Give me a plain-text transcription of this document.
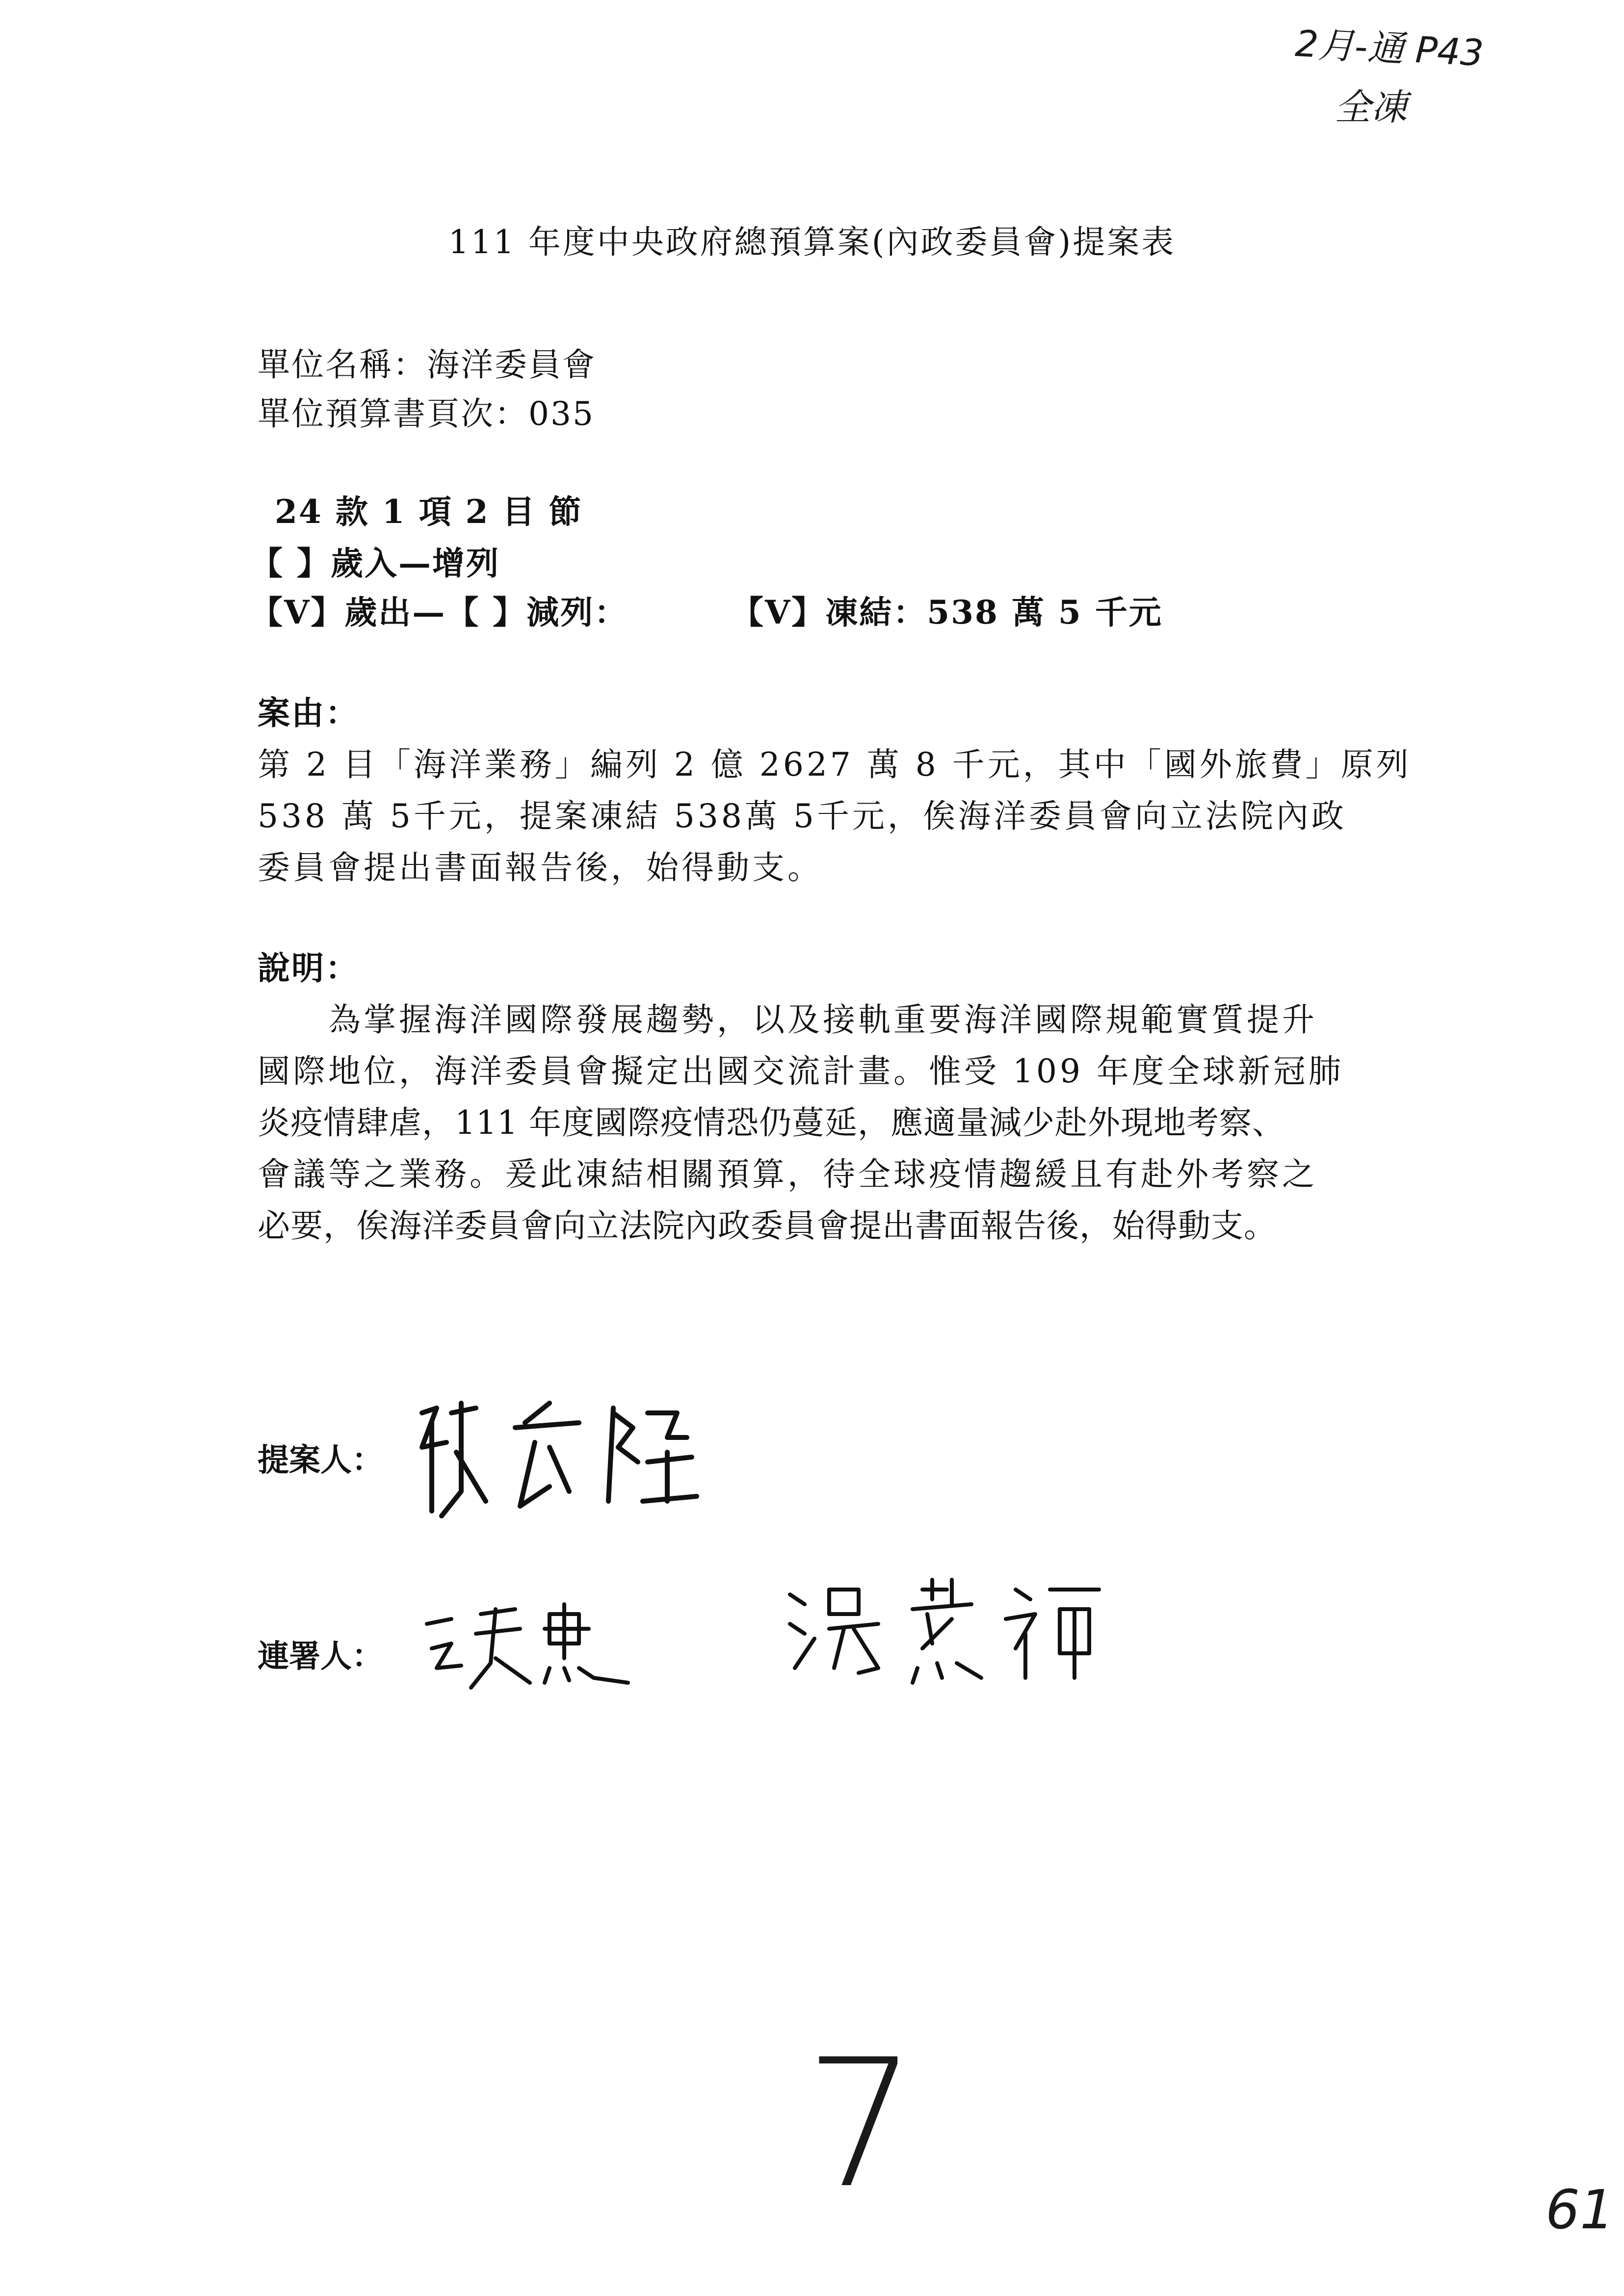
2月-通 P43
全凍
111 年度中央政府總預算案(內政委員會)提案表
單位名稱：海洋委員會
單位預算書頁次：035
24 款 1 項 2 目 節
【 】歲入—增列
【V】歲出—【 】減列：	【V】凍結：538 萬 5 千元
案由：
第 2 目「海洋業務」編列 2 億 2627 萬 8 千元，其中「國外旅費」原列
538 萬 5千元，提案凍結 538萬 5千元，俟海洋委員會向立法院內政
委員會提出書面報告後，始得動支。
說明：
　　為掌握海洋國際發展趨勢，以及接軌重要海洋國際規範實質提升
國際地位，海洋委員會擬定出國交流計畫。惟受 109 年度全球新冠肺
炎疫情肆虐，111 年度國際疫情恐仍蔓延，應適量減少赴外現地考察、
會議等之業務。爰此凍結相關預算，待全球疫情趨緩且有赴外考察之
必要，俟海洋委員會向立法院內政委員會提出書面報告後，始得動支。
提案人：
連署人：
7	61
